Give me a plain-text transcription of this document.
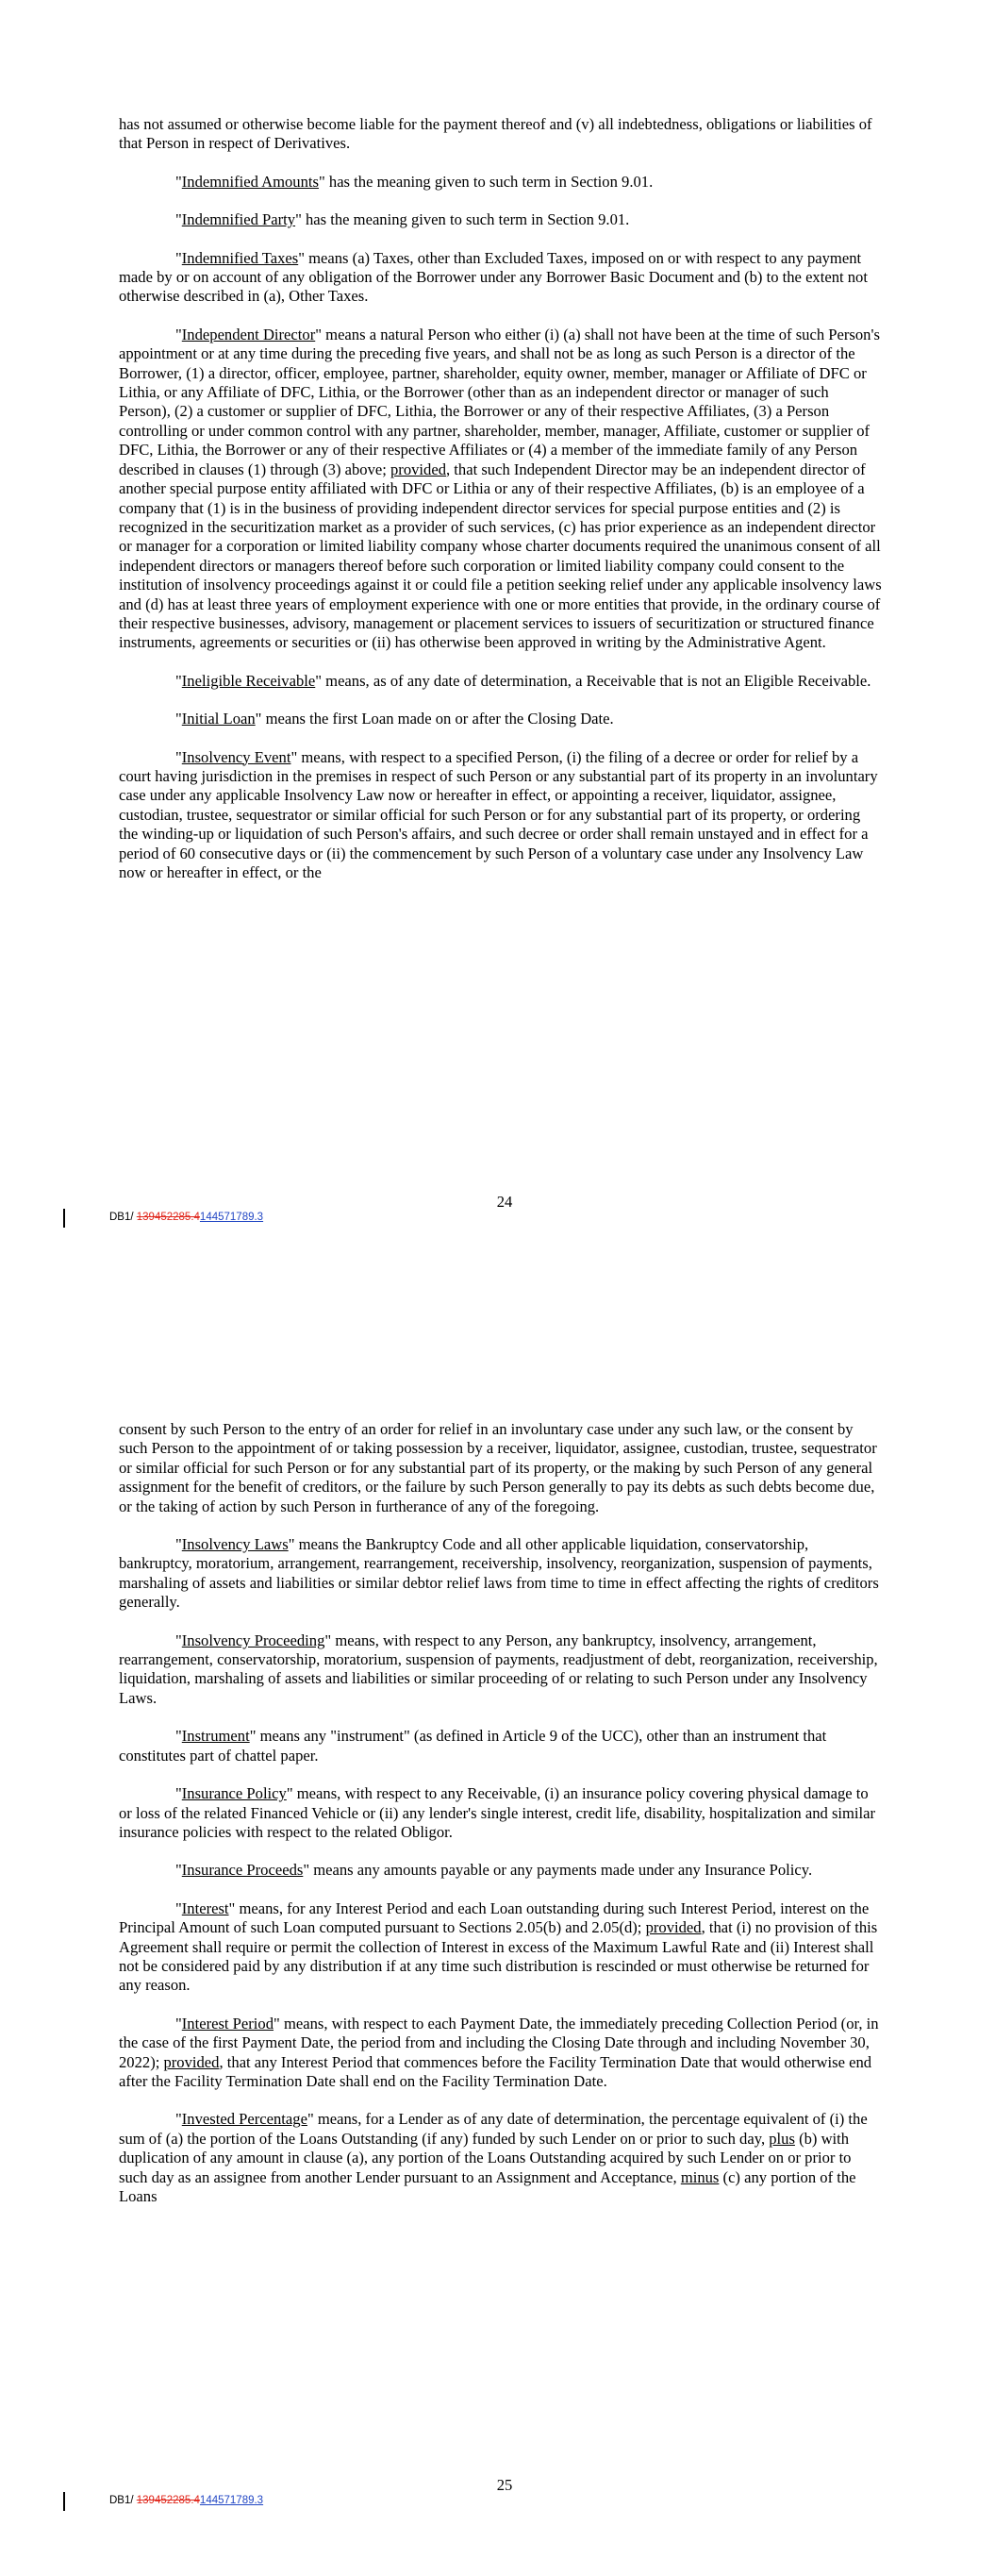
has not assumed or otherwise become liable for the payment thereof and (v) all indebtedness, obligations or liabilities of that Person in respect of Derivatives.

"Indemnified Amounts" has the meaning given to such term in Section 9.01.

"Indemnified Party" has the meaning given to such term in Section 9.01.

"Indemnified Taxes" means (a) Taxes, other than Excluded Taxes, imposed on or with respect to any payment made by or on account of any obligation of the Borrower under any Borrower Basic Document and (b) to the extent not otherwise described in (a), Other Taxes.

"Independent Director" means a natural Person who either (i) (a) shall not have been at the time of such Person's appointment or at any time during the preceding five years, and shall not be as long as such Person is a director of the Borrower, (1) a director, officer, employee, partner, shareholder, equity owner, member, manager or Affiliate of DFC or Lithia, or any Affiliate of DFC, Lithia, or the Borrower (other than as an independent director or manager of such Person), (2) a customer or supplier of DFC, Lithia, the Borrower or any of their respective Affiliates, (3) a Person controlling or under common control with any partner, shareholder, member, manager, Affiliate, customer or supplier of DFC, Lithia, the Borrower or any of their respective Affiliates or (4) a member of the immediate family of any Person described in clauses (1) through (3) above; provided, that such Independent Director may be an independent director of another special purpose entity affiliated with DFC or Lithia or any of their respective Affiliates, (b) is an employee of a company that (1) is in the business of providing independent director services for special purpose entities and (2) is recognized in the securitization market as a provider of such services, (c) has prior experience as an independent director or manager for a corporation or limited liability company whose charter documents required the unanimous consent of all independent directors or managers thereof before such corporation or limited liability company could consent to the institution of insolvency proceedings against it or could file a petition seeking relief under any applicable insolvency laws and (d) has at least three years of employment experience with one or more entities that provide, in the ordinary course of their respective businesses, advisory, management or placement services to issuers of securitization or structured finance instruments, agreements or securities or (ii) has otherwise been approved in writing by the Administrative Agent.

"Ineligible Receivable" means, as of any date of determination, a Receivable that is not an Eligible Receivable.

"Initial Loan" means the first Loan made on or after the Closing Date.

"Insolvency Event" means, with respect to a specified Person, (i) the filing of a decree or order for relief by a court having jurisdiction in the premises in respect of such Person or any substantial part of its property in an involuntary case under any applicable Insolvency Law now or hereafter in effect, or appointing a receiver, liquidator, assignee, custodian, trustee, sequestrator or similar official for such Person or for any substantial part of its property, or ordering the winding-up or liquidation of such Person's affairs, and such decree or order shall remain unstayed and in effect for a period of 60 consecutive days or (ii) the commencement by such Person of a voluntary case under any Insolvency Law now or hereafter in effect, or the

24
DB1/ 139452285.4144571789.3

consent by such Person to the entry of an order for relief in an involuntary case under any such law, or the consent by such Person to the appointment of or taking possession by a receiver, liquidator, assignee, custodian, trustee, sequestrator or similar official for such Person or for any substantial part of its property, or the making by such Person of any general assignment for the benefit of creditors, or the failure by such Person generally to pay its debts as such debts become due, or the taking of action by such Person in furtherance of any of the foregoing.

"Insolvency Laws" means the Bankruptcy Code and all other applicable liquidation, conservatorship, bankruptcy, moratorium, arrangement, rearrangement, receivership, insolvency, reorganization, suspension of payments, marshaling of assets and liabilities or similar debtor relief laws from time to time in effect affecting the rights of creditors generally.

"Insolvency Proceeding" means, with respect to any Person, any bankruptcy, insolvency, arrangement, rearrangement, conservatorship, moratorium, suspension of payments, readjustment of debt, reorganization, receivership, liquidation, marshaling of assets and liabilities or similar proceeding of or relating to such Person under any Insolvency Laws.

"Instrument" means any "instrument" (as defined in Article 9 of the UCC), other than an instrument that constitutes part of chattel paper.

"Insurance Policy" means, with respect to any Receivable, (i) an insurance policy covering physical damage to or loss of the related Financed Vehicle or (ii) any lender's single interest, credit life, disability, hospitalization and similar insurance policies with respect to the related Obligor.

"Insurance Proceeds" means any amounts payable or any payments made under any Insurance Policy.

"Interest" means, for any Interest Period and each Loan outstanding during such Interest Period, interest on the Principal Amount of such Loan computed pursuant to Sections 2.05(b) and 2.05(d); provided, that (i) no provision of this Agreement shall require or permit the collection of Interest in excess of the Maximum Lawful Rate and (ii) Interest shall not be considered paid by any distribution if at any time such distribution is rescinded or must otherwise be returned for any reason.

"Interest Period" means, with respect to each Payment Date, the immediately preceding Collection Period (or, in the case of the first Payment Date, the period from and including the Closing Date through and including November 30, 2022); provided, that any Interest Period that commences before the Facility Termination Date that would otherwise end after the Facility Termination Date shall end on the Facility Termination Date.

"Invested Percentage" means, for a Lender as of any date of determination, the percentage equivalent of (i) the sum of (a) the portion of the Loans Outstanding (if any) funded by such Lender on or prior to such day, plus (b) with duplication of any amount in clause (a), any portion of the Loans Outstanding acquired by such Lender on or prior to such day as an assignee from another Lender pursuant to an Assignment and Acceptance, minus (c) any portion of the Loans

25
DB1/ 139452285.4144571789.3
